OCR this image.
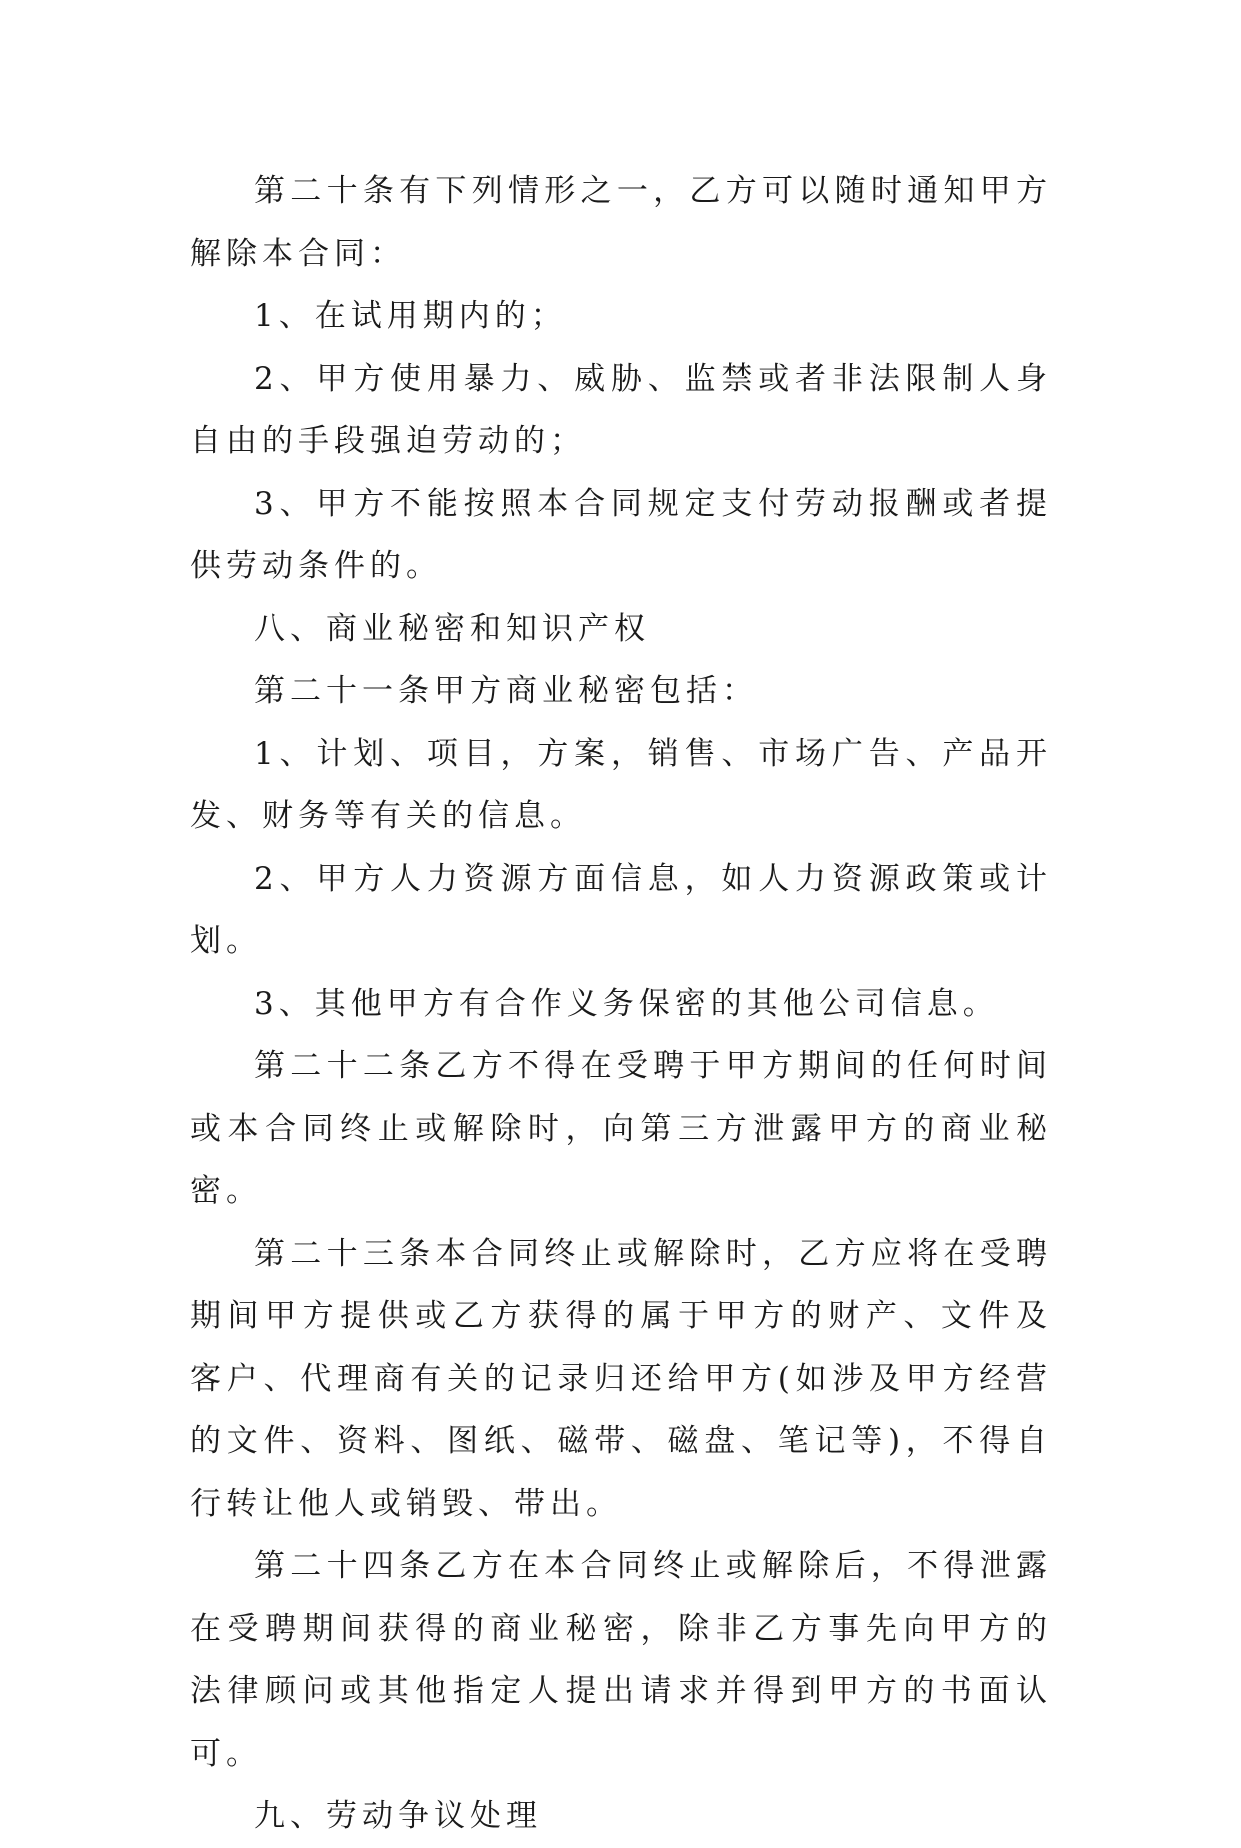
第二十条有下列情形之一，乙方可以随时通知甲方解除本合同：

1、在试用期内的；

2、甲方使用暴力、威胁、监禁或者非法限制人身自由的手段强迫劳动的；

3、甲方不能按照本合同规定支付劳动报酬或者提供劳动条件的。

八、商业秘密和知识产权

第二十一条甲方商业秘密包括：

1、计划、项目，方案，销售、市场广告、产品开发、财务等有关的信息。

2、甲方人力资源方面信息，如人力资源政策或计划。

3、其他甲方有合作义务保密的其他公司信息。

第二十二条乙方不得在受聘于甲方期间的任何时间或本合同终止或解除时，向第三方泄露甲方的商业秘密。

第二十三条本合同终止或解除时，乙方应将在受聘期间甲方提供或乙方获得的属于甲方的财产、文件及客户、代理商有关的记录归还给甲方(如涉及甲方经营的文件、资料、图纸、磁带、磁盘、笔记等)，不得自行转让他人或销毁、带出。

第二十四条乙方在本合同终止或解除后，不得泄露在受聘期间获得的商业秘密，除非乙方事先向甲方的法律顾问或其他指定人提出请求并得到甲方的书面认可。

九、劳动争议处理
